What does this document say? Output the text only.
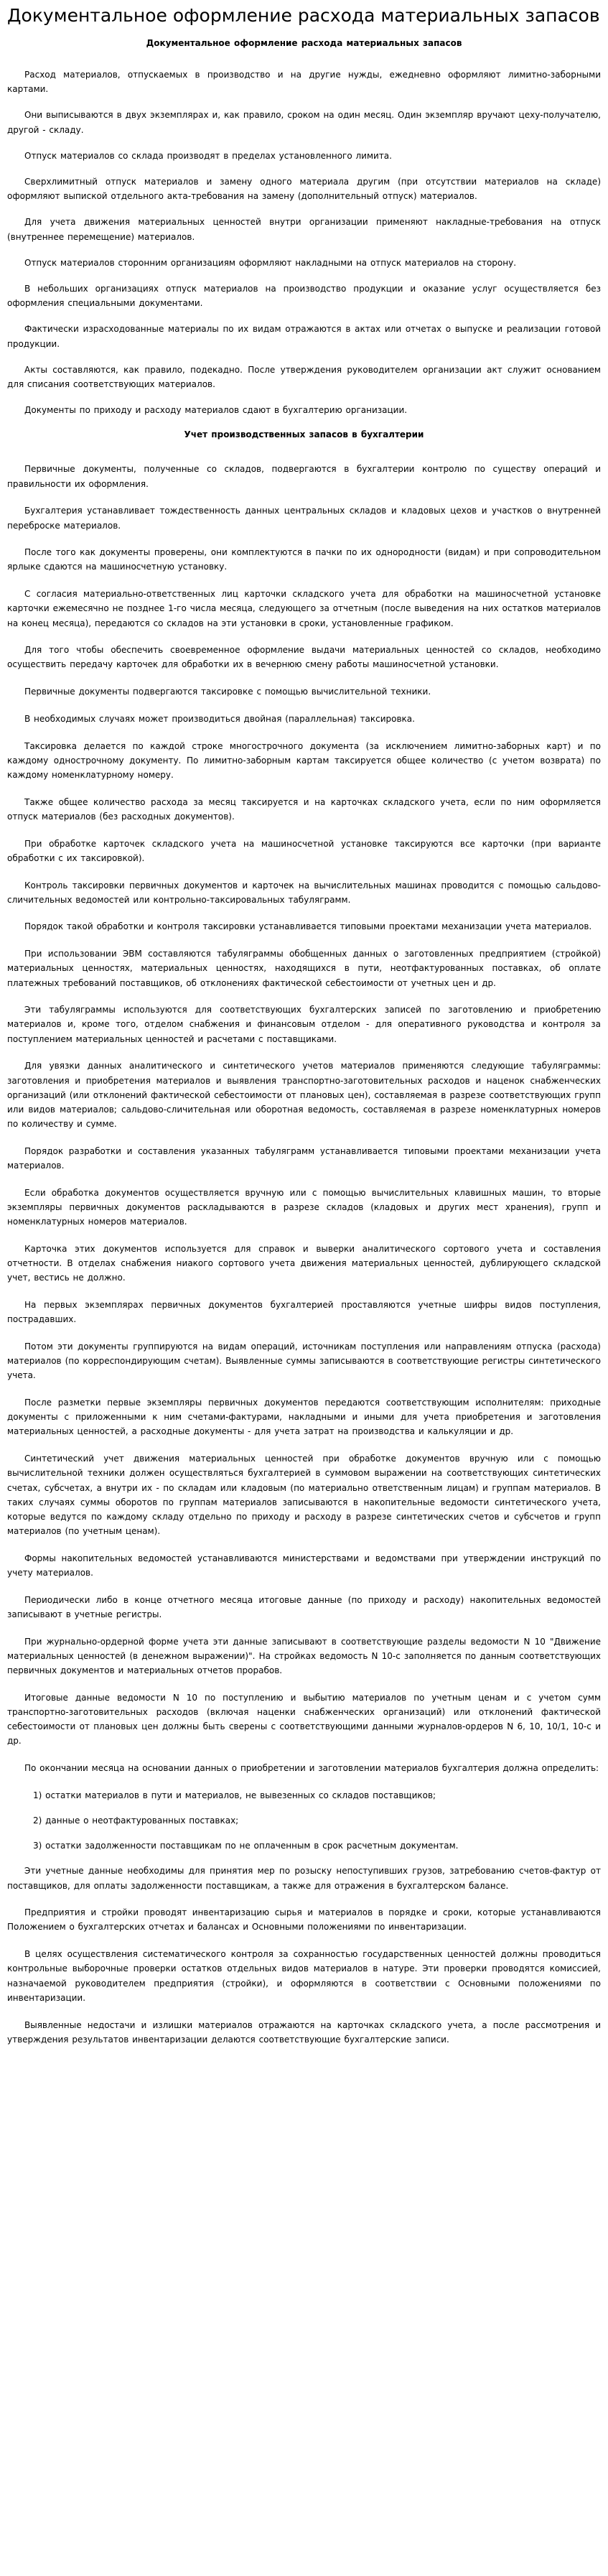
Документальное оформление расхода материальных запасов

Документальное оформление расхода материальных запасов

Расход материалов, отпускаемых в производство и на другие нужды, ежедневно оформляют лимитно-заборными картами.

Они выписываются в двух экземплярах и, как правило, сроком на один месяц. Один экземпляр вручают цеху-получателю, другой - складу.

Отпуск материалов со склада производят в пределах установленного лимита.

Сверхлимитный отпуск материалов и замену одного материала другим (при отсутствии материалов на складе) оформляют выпиской отдельного акта-требования на замену (дополнительный отпуск) материалов.

Для учета движения материальных ценностей внутри организации применяют накладные-требования на отпуск (внутреннее перемещение) материалов.

Отпуск материалов сторонним организациям оформляют накладными на отпуск материалов на сторону.

В небольших организациях отпуск материалов на производство продукции и оказание услуг осуществляется без оформления специальными документами.

Фактически израсходованные материалы по их видам отражаются в актах или отчетах о выпуске и реализации готовой продукции.

Акты составляются, как правило, подекадно. После утверждения руководителем организации акт служит основанием для списания соответствующих материалов.

Документы по приходу и расходу материалов сдают в бухгалтерию организации.

Учет производственных запасов в бухгалтерии

Первичные документы, полученные со складов, подвергаются в бухгалтерии контролю по существу операций и правильности их оформления.

Бухгалтерия устанавливает тождественность данных центральных складов и кладовых цехов и участков о внутренней переброске материалов.

После того как документы проверены, они комплектуются в пачки по их однородности (видам) и при сопроводительном ярлыке сдаются на машиносчетную установку.

С согласия материально-ответственных лиц карточки складского учета для обработки на машиносчетной установке карточки ежемесячно не позднее 1-го числа месяца, следующего за отчетным (после выведения на них остатков материалов на конец месяца), передаются со складов на эти установки в сроки, установленные графиком.

Для того чтобы обеспечить своевременное оформление выдачи материальных ценностей со складов, необходимо осуществить передачу карточек для обработки их в вечернюю смену работы машиносчетной установки.

Первичные документы подвергаются таксировке с помощью вычислительной техники.

В необходимых случаях может производиться двойная (параллельная) таксировка.

Таксировка делается по каждой строке многострочного документа (за исключением лимитно-заборных карт) и по каждому однострочному документу. По лимитно-заборным картам таксируется общее количество (с учетом возврата) по каждому номенклатурному номеру.

Также общее количество расхода за месяц таксируется и на карточках складского учета, если по ним оформляется отпуск материалов (без расходных документов).

При обработке карточек складского учета на машиносчетной установке таксируются все карточки (при варианте обработки с их таксировкой).

Контроль таксировки первичных документов и карточек на вычислительных машинах проводится с помощью сальдово-сличительных ведомостей или контрольно-таксировальных табуляграмм.

Порядок такой обработки и контроля таксировки устанавливается типовыми проектами механизации учета материалов.

При использовании ЭВМ составляются табуляграммы обобщенных данных о заготовленных предприятием (стройкой) материальных ценностях, материальных ценностях, находящихся в пути, неотфактурованных поставках, об оплате платежных требований поставщиков, об отклонениях фактической себестоимости от учетных цен и др.

Эти табуляграммы используются для соответствующих бухгалтерских записей по заготовлению и приобретению материалов и, кроме того, отделом снабжения и финансовым отделом - для оперативного руководства и контроля за поступлением материальных ценностей и расчетами с поставщиками.

Для увязки данных аналитического и синтетического учетов материалов применяются следующие табуляграммы: заготовления и приобретения материалов и выявления транспортно-заготовительных расходов и наценок снабженческих организаций (или отклонений фактической себестоимости от плановых цен), составляемая в разрезе соответствующих групп или видов материалов; сальдово-сличительная или оборотная ведомость, составляемая в разрезе номенклатурных номеров по количеству и сумме.

Порядок разработки и составления указанных табуляграмм устанавливается типовыми проектами механизации учета материалов.

Если обработка документов осуществляется вручную или с помощью вычислительных клавишных машин, то вторые экземпляры первичных документов раскладываются в разрезе складов (кладовых и других мест хранения), групп и номенклатурных номеров материалов.

Карточка этих документов используется для справок и выверки аналитического сортового учета и составления отчетности. В отделах снабжения ниакого сортового учета движения материальных ценностей, дублирующего складской учет, вестись не должно.

На первых экземплярах первичных документов бухгалтерией проставляются учетные шифры видов поступления, пострадавших.

Потом эти документы группируются на видам операций, источникам поступления или направлениям отпуска (расхода) материалов (по корреспондирующим счетам). Выявленные суммы записываются в соответствующие регистры синтетического учета.

После разметки первые экземпляры первичных документов передаются соответствующим исполнителям: приходные документы с приложенными к ним счетами-фактурами, накладными и иными для учета приобретения и заготовления материальных ценностей, а расходные документы - для учета затрат на производства и калькуляции и др.

Синтетический учет движения материальных ценностей при обработке документов вручную или с помощью вычислительной техники должен осуществляться бухгалтерией в суммовом выражении на соответствующих синтетических счетах, субсчетах, а внутри их - по складам или кладовым (по материально ответственным лицам) и группам материалов. В таких случаях суммы оборотов по группам материалов записываются в накопительные ведомости синтетического учета, которые ведутся по каждому складу отдельно по приходу и расходу в разрезе синтетических счетов и субсчетов и групп материалов (по учетным ценам).

Формы накопительных ведомостей устанавливаются министерствами и ведомствами при утверждении инструкций по учету материалов.

Периодически либо в конце отчетного месяца итоговые данные (по приходу и расходу) накопительных ведомостей записывают в учетные регистры.

При журнально-ордерной форме учета эти данные записывают в соответствующие разделы ведомости N 10 "Движение материальных ценностей (в денежном выражении)". На стройках ведомость N 10-с заполняется по данным соответствующих первичных документов и материальных отчетов прорабов.

Итоговые данные ведомости N 10 по поступлению и выбытию материалов по учетным ценам и с учетом сумм транспортно-заготовительных расходов (включая наценки снабженческих организаций) или отклонений фактической себестоимости от плановых цен должны быть сверены с соответствующими данными журналов-ордеров N 6, 10, 10/1, 10-с и др.

По окончании месяца на основании данных о приобретении и заготовлении материалов бухгалтерия должна определить:

1) остатки материалов в пути и материалов, не вывезенных со складов поставщиков;

2) данные о неотфактурованных поставках;

3) остатки задолженности поставщикам по не оплаченным в срок расчетным документам.

Эти учетные данные необходимы для принятия мер по розыску непоступивших грузов, затребованию счетов-фактур от поставщиков, для оплаты задолженности поставщикам, а также для отражения в бухгалтерском балансе.

Предприятия и стройки проводят инвентаризацию сырья и материалов в порядке и сроки, которые устанавливаются Положением о бухгалтерских отчетах и балансах и Основными положениями по инвентаризации.

В целях осуществления систематического контроля за сохранностью государственных ценностей должны проводиться контрольные выборочные проверки остатков отдельных видов материалов в натуре. Эти проверки проводятся комиссией, назначаемой руководителем предприятия (стройки), и оформляются в соответствии с Основными положениями по инвентаризации.

Выявленные недостачи и излишки материалов отражаются на карточках складского учета, а после рассмотрения и утверждения результатов инвентаризации делаются соответствующие бухгалтерские записи.
